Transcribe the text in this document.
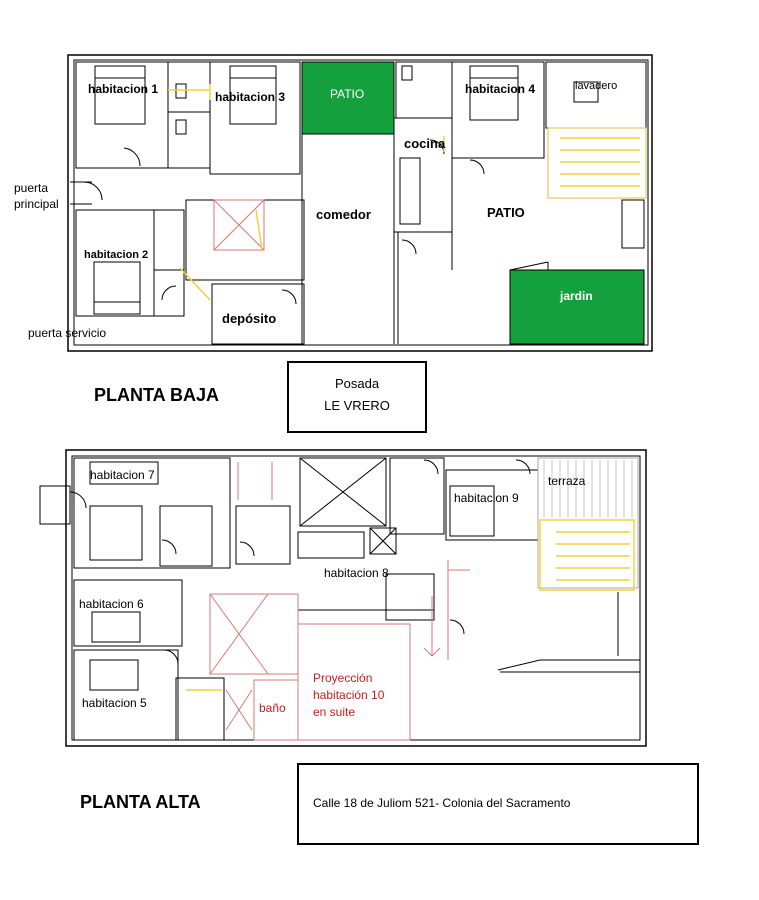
habitacion 1
habitacion 3	PATIO	habitacion 4	lavadero
cocina
comedor	PATIO
habitacion 2
jardin
depósito
puerta
principal
puerta servicio
PLANTA BAJA
Posada
LE VRERO
habitacion 7
habitacion 9
terraza
habitacion 8
habitacion 6
habitacion 5	baño
Proyección
habitación 10
en suite
PLANTA ALTA	Calle 18 de Juliom 521- Colonia del Sacramento
